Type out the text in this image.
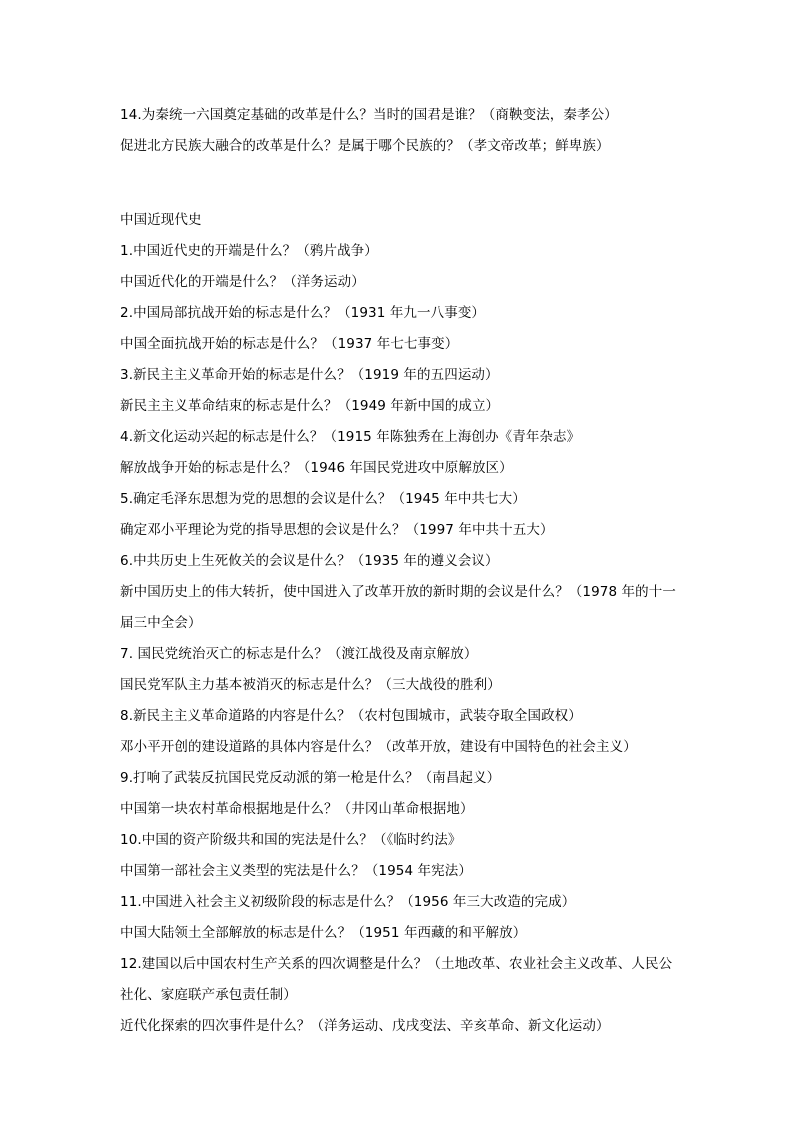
14.为秦统一六国奠定基础的改革是什么？当时的国君是谁？（商鞅变法，秦孝公）
促进北方民族大融合的改革是什么？是属于哪个民族的？（孝文帝改革；鲜卑族）
中国近现代史
1.中国近代史的开端是什么？（鸦片战争）
中国近代化的开端是什么？（洋务运动）
2.中国局部抗战开始的标志是什么？（1931 年九一八事变）
中国全面抗战开始的标志是什么？（1937 年七七事变）
3.新民主主义革命开始的标志是什么？（1919 年的五四运动）
新民主主义革命结束的标志是什么？（1949 年新中国的成立）
4.新文化运动兴起的标志是什么？（1915 年陈独秀在上海创办《青年杂志》
解放战争开始的标志是什么？（1946 年国民党进攻中原解放区）
5.确定毛泽东思想为党的思想的会议是什么？（1945 年中共七大）
确定邓小平理论为党的指导思想的会议是什么？（1997 年中共十五大）
6.中共历史上生死攸关的会议是什么？（1935 年的遵义会议）
新中国历史上的伟大转折，使中国进入了改革开放的新时期的会议是什么？（1978 年的十一届三中全会）
7. 国民党统治灭亡的标志是什么？（渡江战役及南京解放）
国民党军队主力基本被消灭的标志是什么？（三大战役的胜利）
8.新民主主义革命道路的内容是什么？（农村包围城市，武装夺取全国政权）
邓小平开创的建设道路的具体内容是什么？（改革开放，建设有中国特色的社会主义）
9.打响了武装反抗国民党反动派的第一枪是什么？（南昌起义）
中国第一块农村革命根据地是什么？（井冈山革命根据地）
10.中国的资产阶级共和国的宪法是什么？（《临时约法》
中国第一部社会主义类型的宪法是什么？（1954 年宪法）
11.中国进入社会主义初级阶段的标志是什么？（1956 年三大改造的完成）
中国大陆领土全部解放的标志是什么？（1951 年西藏的和平解放）
12.建国以后中国农村生产关系的四次调整是什么？（土地改革、农业社会主义改革、人民公社化、家庭联产承包责任制）
近代化探索的四次事件是什么？（洋务运动、戊戌变法、辛亥革命、新文化运动）
